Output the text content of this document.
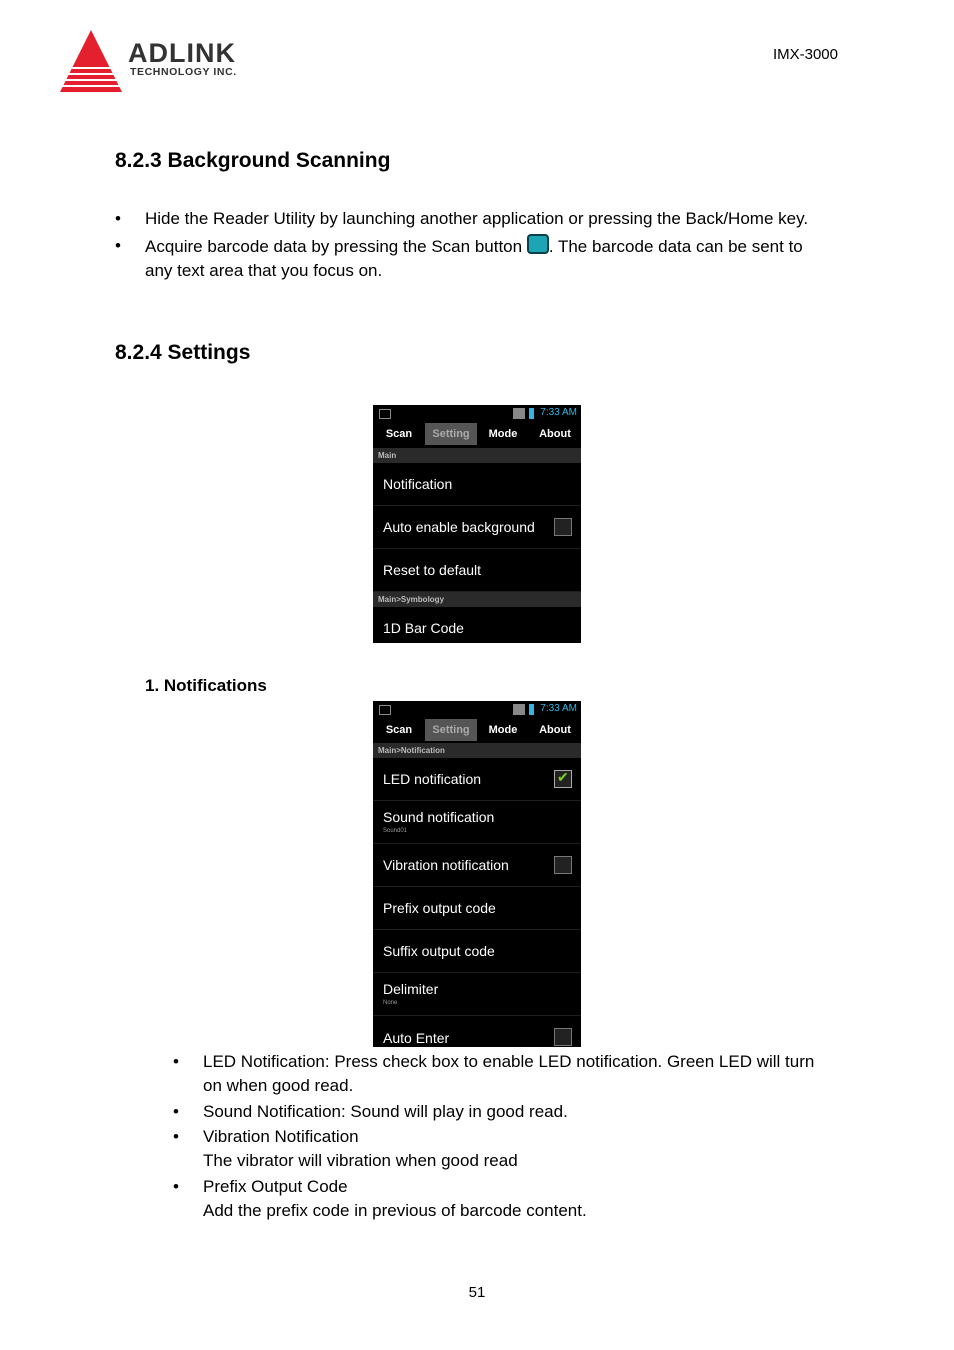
ADLINK
TECHNOLOGY INC.
IMX-3000
8.2.3 Background Scanning
• Hide the Reader Utility by launching another application or pressing the Back/Home key.
• Acquire barcode data by pressing the Scan button . The barcode data can be sent to
any text area that you focus on.
8.2.4 Settings
7:33 AM
Scan	Setting	Mode	About
Main
Notification
Auto enable background
Reset to default
Main>Symbology
1D Bar Code
1. Notifications
7:33 AM
Scan	Setting	Mode	About
Main>Notification
LED notification
✔
Sound notification
Sound01
Vibration notification
Prefix output code
Suffix output code
Delimiter
None
Auto Enter
• LED Notification: Press check box to enable LED notification. Green LED will turn
on when good read.
• Sound Notification: Sound will play in good read.
• Vibration Notification
The vibrator will vibration when good read
• Prefix Output Code
Add the prefix code in previous of barcode content.
51
